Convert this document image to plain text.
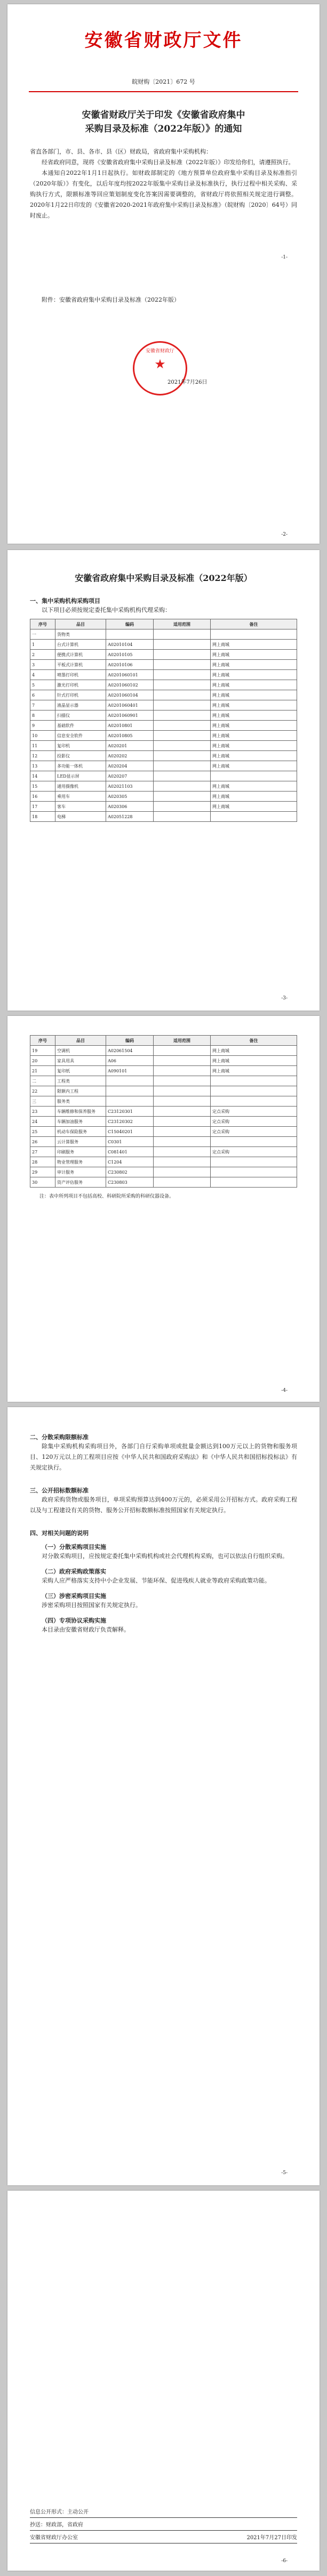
安徽省财政厅文件
皖财购〔2021〕672 号
安徽省财政厅关于印发《安徽省政府集中
采购目录及标准（2022年版）》的通知
省直各部门，市、县、各市、县（区）财政局，省政府集中采购机构：
经省政府同意，现将《安徽省政府集中采购目录及标准（2022年版）》印发给你们，请遵照执行。
本通知自2022年1月1日起执行。如财政部制定的《地方预算单位政府集中采购目录及标准指引（2020年版）》有变化，以后年度均按2022年版集中采购目录及标准执行，执行过程中相关采购、采购执行方式，限额标准等回应策划制度变化答案因需要调整的，省财政厅将依照相关规定进行调整。2020年1月22日印发的《安徽省2020-2021年政府集中采购目录及标准》（皖财购〔2020〕64号）同时废止。
-1-
附件：安徽省政府集中采购目录及标准（2022年版）
安徽省财政厅
★
2021年7月26日
-2-
安徽省政府集中采购目录及标准（2022年版）
一、集中采购机构采购项目
以下项目必须按规定委托集中采购机构代理采购：
序号	品目	编码	适用范围	备注
一	货物类			
1	台式计算机	A02010104		网上商城
2	便携式计算机	A02010105		网上商城
3	平板式计算机	A02010106		网上商城
4	喷墨打印机	A0201060101		网上商城
5	激光打印机	A0201060102		网上商城
6	针式打印机	A0201060104		网上商城
7	液晶显示器	A0201060401		网上商城
8	扫描仪	A0201060901		网上商城
9	基础软件	A02010801		网上商城
10	信息安全软件	A02010805		网上商城
11	复印机	A020201		网上商城
12	投影仪	A020202		网上商城
13	多功能一体机	A020204		网上商城
14	LED显示屏	A020207		
15	通用摄像机	A02021103		网上商城
16	乘用车	A020305		网上商城
17	客车	A020306		网上商城
18	电梯	A02051228		
-3-
序号	品目	编码	适用范围	备注
19	空调机	A02061504		网上商城
20	家具用具	A06		网上商城
21	复印纸	A090101		网上商城
二	工程类			
22	限额内工程			
三	服务类			
23	车辆维修和保养服务	C23120301		定点采购
24	车辆加油服务	C23120302		定点采购
25	机动车保险服务	C15040201		定点采购
26	云计算服务	C0301		
27	印刷服务	C081401		定点采购
28	物业管理服务	C1204		
29	审计服务	C230802		
30	资产评估服务	C230803		
注：表中所列项目不包括高校、科研院所采购的科研仪器设备。
-4-
二、分散采购限额标准
除集中采购机构采购项目外，各部门自行采购单项或批量金额达到100万元以上的货物和服务项目、120万元以上的工程项目应按《中华人民共和国政府采购法》和《中华人民共和国招标投标法》有关规定执行。
三、公开招标数额标准
政府采购货物或服务项目，单项采购预算达到400万元的，必须采用公开招标方式。政府采购工程以及与工程建设有关的货物、服务公开招标数额标准按照国家有关规定执行。
四、对相关问题的说明
（一）分散采购项目实施
对分散采购项目，应按规定委托集中采购机构或社会代理机构采购，也可以依法自行组织采购。
（二）政府采购政策落实
采购人应严格落实支持中小企业发展、节能环保、促进残疾人就业等政府采购政策功能。
（三）涉密采购项目实施
涉密采购项目按照国家有关规定执行。
（四）专项协议采购实施
本目录由安徽省财政厅负责解释。
-5-
信息公开形式：主动公开
抄送：财政部，省政府
安徽省财政厅办公室	2021年7月27日印发
-6-
